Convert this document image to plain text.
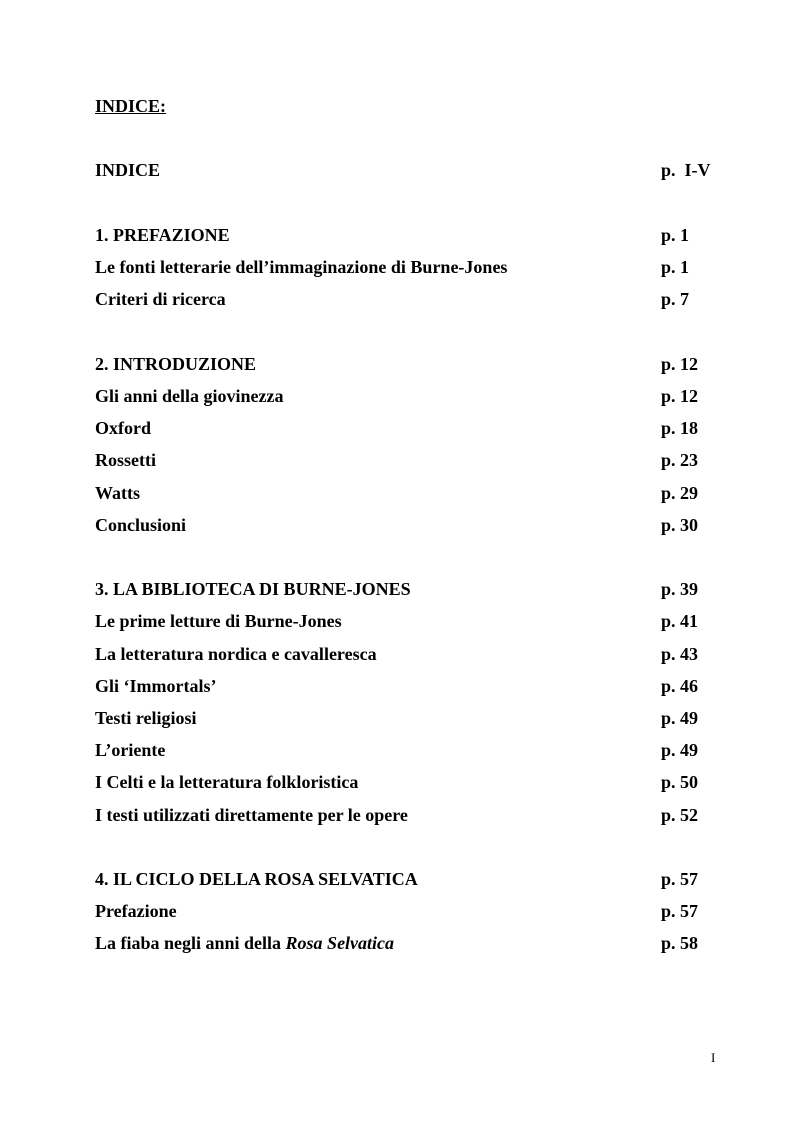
INDICE:
INDICE	p.  I-V
1. PREFAZIONE	p. 1
Le fonti letterarie dell’immaginazione di Burne-Jones	p. 1
Criteri di ricerca	p. 7
2. INTRODUZIONE	p. 12
Gli anni della giovinezza	p. 12
Oxford	p. 18
Rossetti	p. 23
Watts	p. 29
Conclusioni	p. 30
3. LA BIBLIOTECA DI BURNE-JONES	p. 39
Le prime letture di Burne-Jones	p. 41
La letteratura nordica e cavalleresca	p. 43
Gli ‘Immortals’	p. 46
Testi religiosi	p. 49
L’oriente	p. 49
I Celti e la letteratura folkloristica	p. 50
I testi utilizzati direttamente per le opere	p. 52
4. IL CICLO DELLA ROSA SELVATICA	p. 57
Prefazione	p. 57
La fiaba negli anni della Rosa Selvatica	p. 58
I
